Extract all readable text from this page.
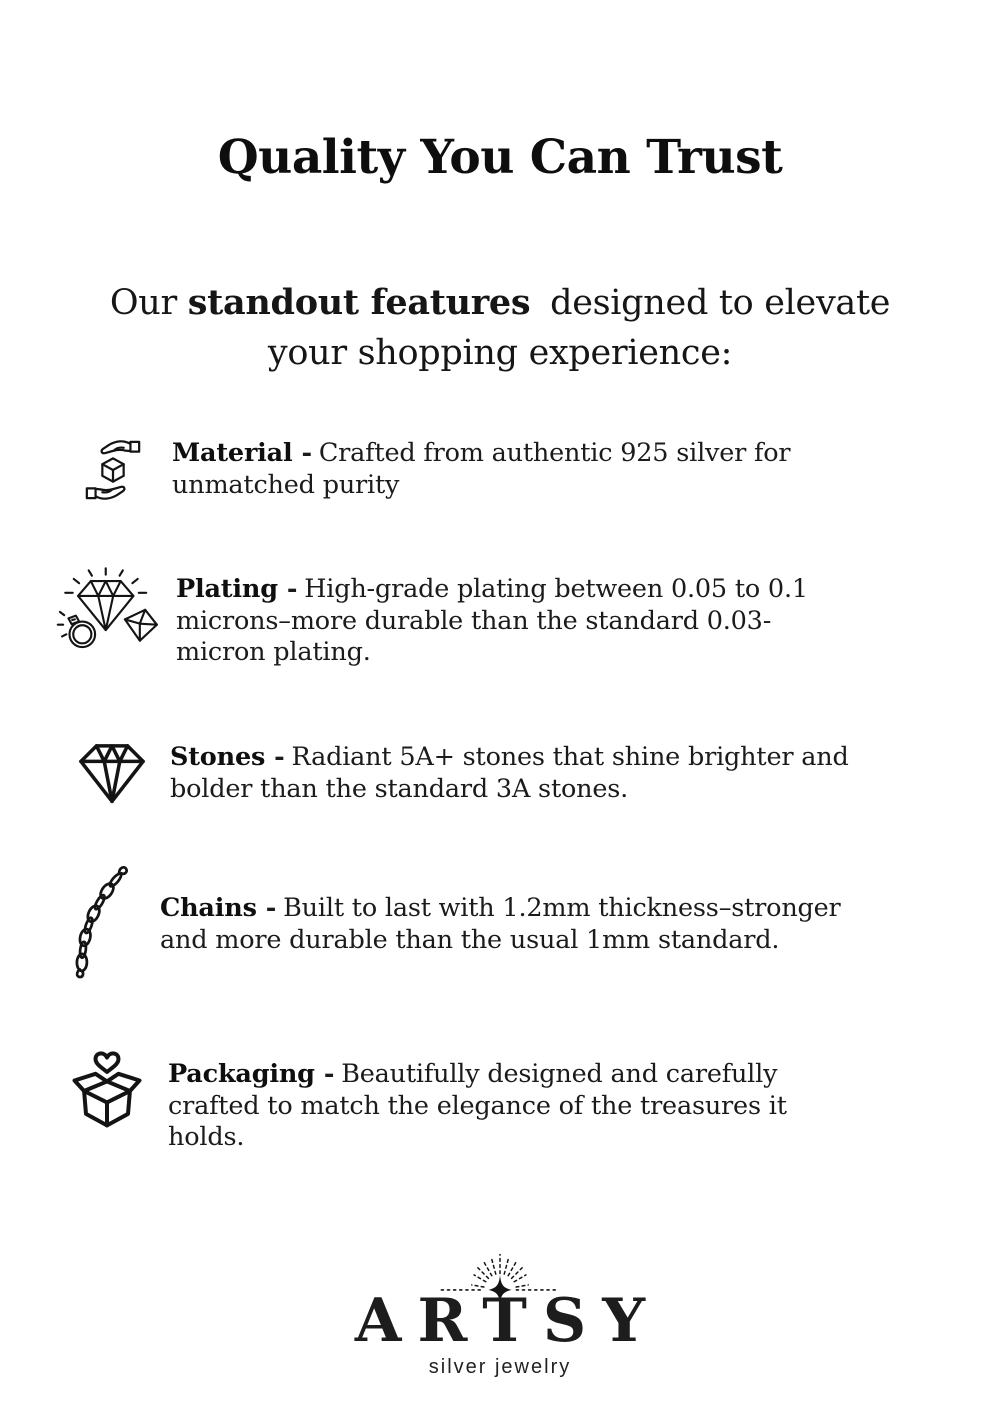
Quality You Can Trust

Our standout features designed to elevate your shopping experience:

Material - Crafted from authentic 925 silver for unmatched purity

Plating - High-grade plating between 0.05 to 0.1 microns–more durable than the standard 0.03-micron plating.

Stones - Radiant 5A+ stones that shine brighter and bolder than the standard 3A stones.

Chains - Built to last with 1.2mm thickness–stronger and more durable than the usual 1mm standard.

Packaging - Beautifully designed and carefully crafted to match the elegance of the treasures it holds.

ARTSY
silver jewelry
